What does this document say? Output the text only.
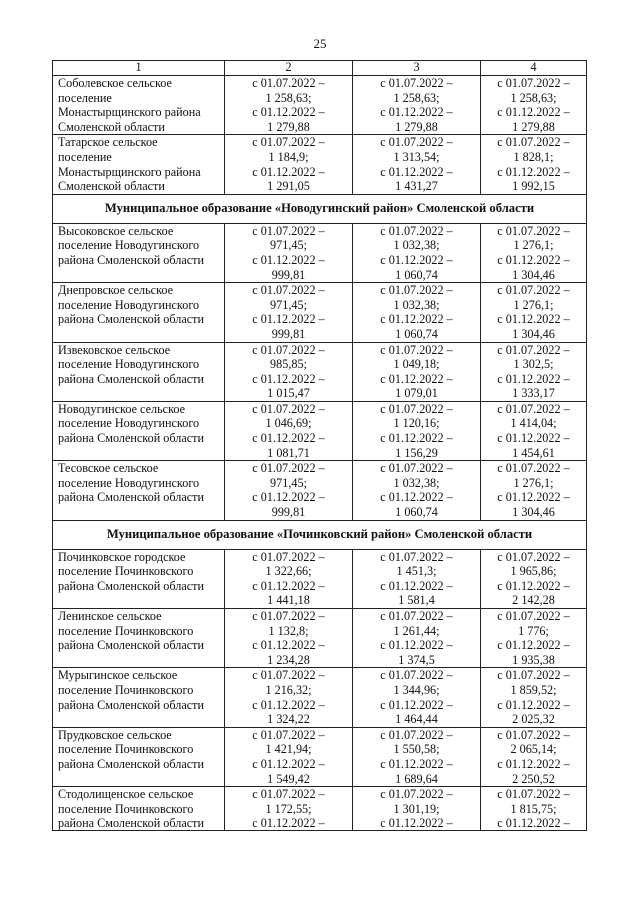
25
1	2	3	4

Соболевское сельское
поселение
Монастырщинского района
Смоленской области	с 01.07.2022 –
1 258,63;
с 01.12.2022 –
1 279,88	с 01.07.2022 –
1 258,63;
с 01.12.2022 –
1 279,88	с 01.07.2022 –
1 258,63;
с 01.12.2022 –
1 279,88

Татарское сельское
поселение
Монастырщинского района
Смоленской области	с 01.07.2022 –
1 184,9;
с 01.12.2022 –
1 291,05	с 01.07.2022 –
1 313,54;
с 01.12.2022 –
1 431,27	с 01.07.2022 –
1 828,1;
с 01.12.2022 –
1 992,15

Муниципальное образование «Новодугинский район» Смоленской области			

Высоковское сельское
поселение Новодугинского
района Смоленской области	с 01.07.2022 –
971,45;
с 01.12.2022 –
999,81	с 01.07.2022 –
1 032,38;
с 01.12.2022 –
1 060,74	с 01.07.2022 –
1 276,1;
с 01.12.2022 –
1 304,46

Днепровское сельское
поселение Новодугинского
района Смоленской области	с 01.07.2022 –
971,45;
с 01.12.2022 –
999,81	с 01.07.2022 –
1 032,38;
с 01.12.2022 –
1 060,74	с 01.07.2022 –
1 276,1;
с 01.12.2022 –
1 304,46

Извековское сельское
поселение Новодугинского
района Смоленской области	с 01.07.2022 –
985,85;
с 01.12.2022 –
1 015,47	с 01.07.2022 –
1 049,18;
с 01.12.2022 –
1 079,01	с 01.07.2022 –
1 302,5;
с 01.12.2022 –
1 333,17

Новодугинское сельское
поселение Новодугинского
района Смоленской области	с 01.07.2022 –
1 046,69;
с 01.12.2022 –
1 081,71	с 01.07.2022 –
1 120,16;
с 01.12.2022 –
1 156,29	с 01.07.2022 –
1 414,04;
с 01.12.2022 –
1 454,61

Тесовское сельское
поселение Новодугинского
района Смоленской области	с 01.07.2022 –
971,45;
с 01.12.2022 –
999,81	с 01.07.2022 –
1 032,38;
с 01.12.2022 –
1 060,74	с 01.07.2022 –
1 276,1;
с 01.12.2022 –
1 304,46

Муниципальное образование «Починковский район» Смоленской области			

Починковское городское
поселение Починковского
района Смоленской области	с 01.07.2022 –
1 322,66;
с 01.12.2022 –
1 441,18	с 01.07.2022 –
1 451,3;
с 01.12.2022 –
1 581,4	с 01.07.2022 –
1 965,86;
с 01.12.2022 –
2 142,28

Ленинское сельское
поселение Починковского
района Смоленской области	с 01.07.2022 –
1 132,8;
с 01.12.2022 –
1 234,28	с 01.07.2022 –
1 261,44;
с 01.12.2022 –
1 374,5	с 01.07.2022 –
1 776;
с 01.12.2022 –
1 935,38

Мурыгинское сельское
поселение Починковского
района Смоленской области	с 01.07.2022 –
1 216,32;
с 01.12.2022 –
1 324,22	с 01.07.2022 –
1 344,96;
с 01.12.2022 –
1 464,44	с 01.07.2022 –
1 859,52;
с 01.12.2022 –
2 025,32

Прудковское сельское
поселение Починковского
района Смоленской области	с 01.07.2022 –
1 421,94;
с 01.12.2022 –
1 549,42	с 01.07.2022 –
1 550,58;
с 01.12.2022 –
1 689,64	с 01.07.2022 –
2 065,14;
с 01.12.2022 –
2 250,52

Стодолищенское сельское
поселение Починковского
района Смоленской области	с 01.07.2022 –
1 172,55;
с 01.12.2022 –	с 01.07.2022 –
1 301,19;
с 01.12.2022 –	с 01.07.2022 –
1 815,75;
с 01.12.2022 –
